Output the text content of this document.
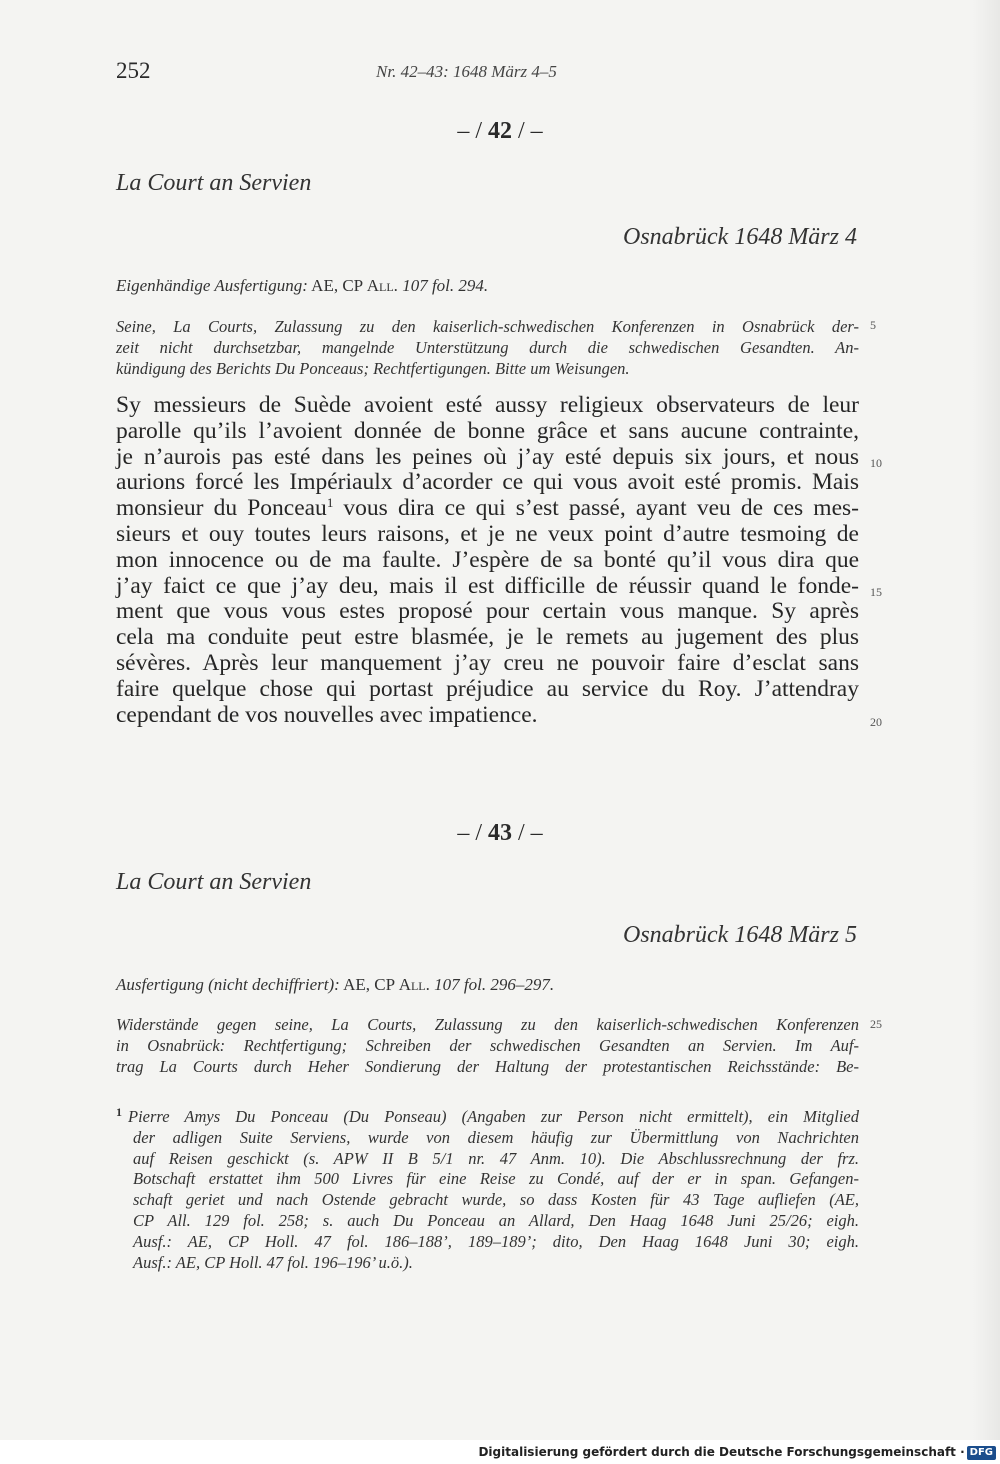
252	Nr. 42–43: 1648 März 4–5
– / 42 / –
La Court an Servien
Osnabrück 1648 März 4
Eigenhändige Ausfertigung: AE, CP All. 107 fol. 294.
Seine, La Courts, Zulassung zu den kaiserlich-schwedischen Konferenzen in Osnabrück der-
zeit nicht durchsetzbar, mangelnde Unterstützung durch die schwedischen Gesandten. An-
kündigung des Berichts Du Ponceaus; Rechtfertigungen. Bitte um Weisungen.
Sy messieurs de Suède avoient esté aussy religieux observateurs de leur
parolle qu’ils l’avoient donnée de bonne grâce et sans aucune contrainte,
je n’aurois pas esté dans les peines où j’ay esté depuis six jours, et nous
aurions forcé les Impériaulx d’acorder ce qui vous avoit esté promis. Mais
monsieur du Ponceau$^1$ vous dira ce qui s’est passé, ayant veu de ces mes-
sieurs et ouy toutes leurs raisons, et je ne veux point d’autre tesmoing de
mon innocence ou de ma faulte. J’espère de sa bonté qu’il vous dira que
j’ay faict ce que j’ay deu, mais il est difficille de réussir quand le fonde-
ment que vous vous estes proposé pour certain vous manque. Sy après
cela ma conduite peut estre blasmée, je le remets au jugement des plus
sévères. Après leur manquement j’ay creu ne pouvoir faire d’esclat sans
faire quelque chose qui portast préjudice au service du Roy. J’attendray
cependant de vos nouvelles avec impatience.
5
10
15
20
25
– / 43 / –
La Court an Servien
Osnabrück 1648 März 5
Ausfertigung (nicht dechiffriert): AE, CP All. 107 fol. 296–297.
Widerstände gegen seine, La Courts, Zulassung zu den kaiserlich-schwedischen Konferenzen
in Osnabrück: Rechtfertigung; Schreiben der schwedischen Gesandten an Servien. Im Auf-
trag La Courts durch Heher Sondierung der Haltung der protestantischen Reichsstände: Be-
$^1$ Pierre Amys Du Ponceau (Du Ponseau) (Angaben zur Person nicht ermittelt), ein Mitglied
der adligen Suite Serviens, wurde von diesem häufig zur Übermittlung von Nachrichten
auf Reisen geschickt (s. APW II B 5/1 nr. 47 Anm. 10). Die Abschlussrechnung der frz.
Botschaft erstattet ihm 500 Livres für eine Reise zu Condé, auf der er in span. Gefangen-
schaft geriet und nach Ostende gebracht wurde, so dass Kosten für 43 Tage aufliefen (AE,
CP All. 129 fol. 258; s. auch Du Ponceau an Allard, Den Haag 1648 Juni 25/26; eigh.
Ausf.: AE, CP Holl. 47 fol. 186–188’, 189–189’; dito, Den Haag 1648 Juni 30; eigh.
Ausf.: AE, CP Holl. 47 fol. 196–196’ u.ö.).
Digitalisierung gefördert durch die Deutsche Forschungsgemeinschaft · DFG
